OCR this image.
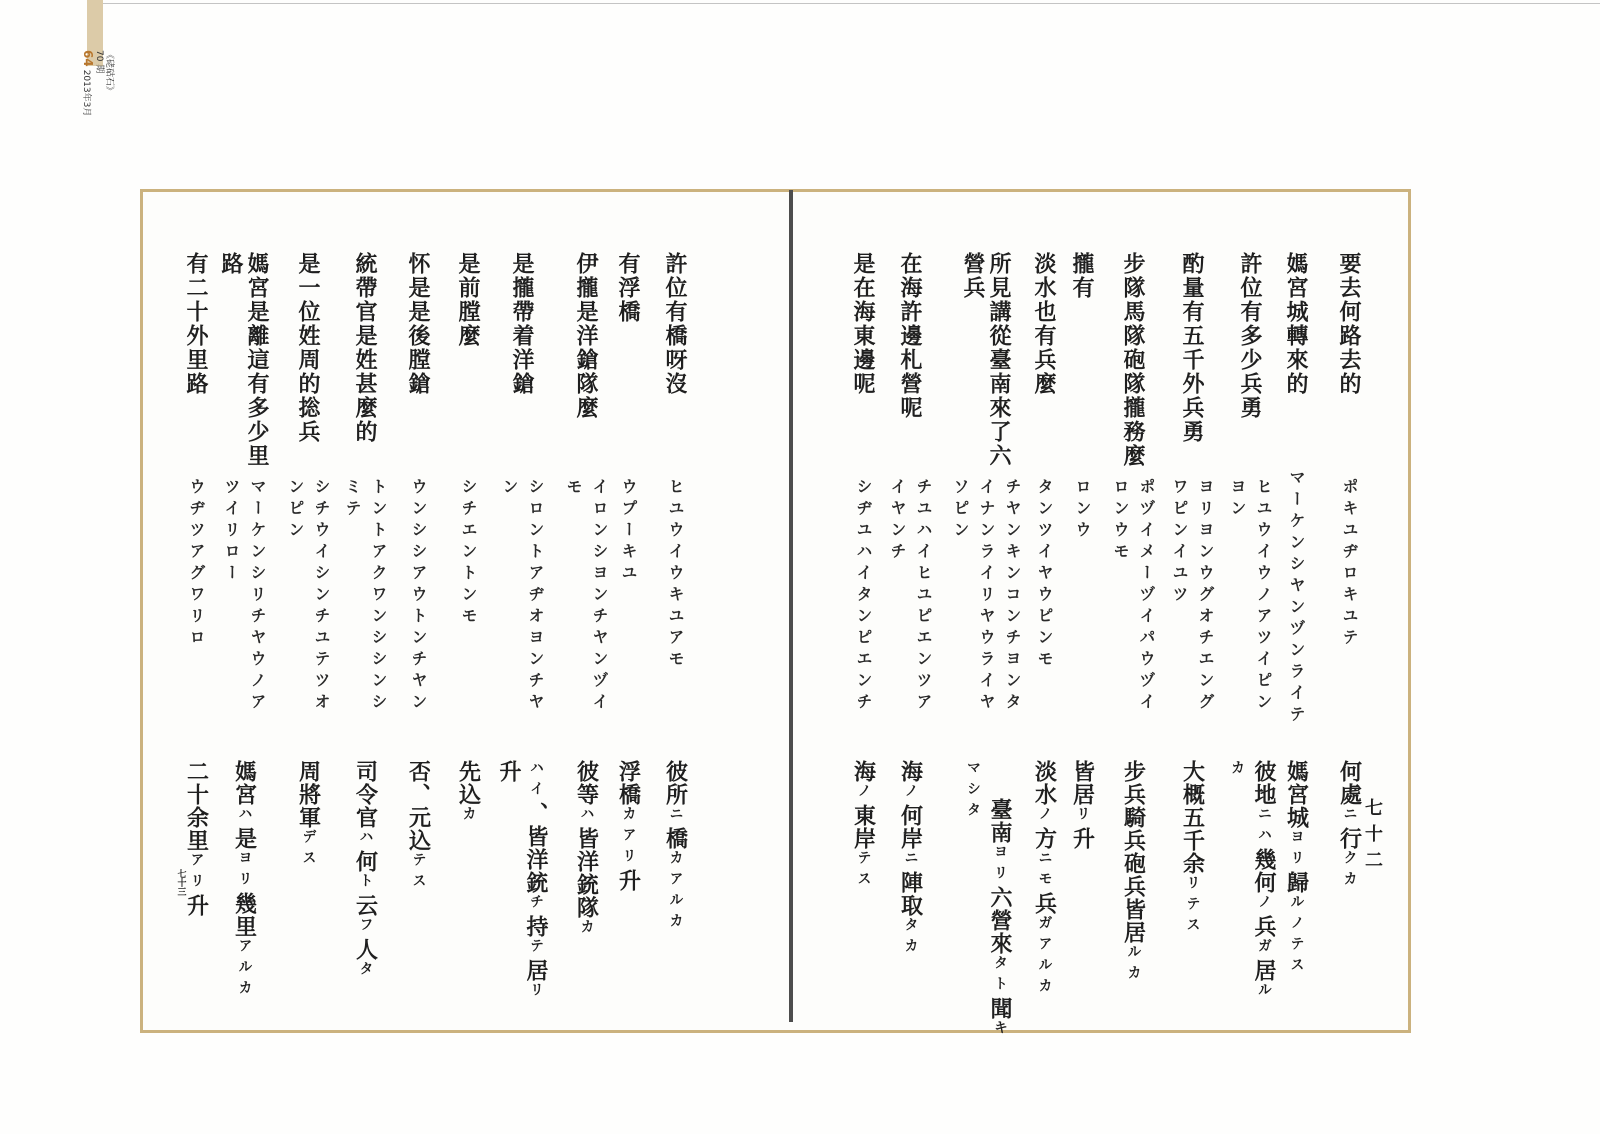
《硓𥑮石》
70 期
642013年3月
七十二
要去何路去的
ポキユヂロキユテ
何處ニ行クカ
媽宮城轉來的
マーケンシヤンヅンライテ
媽宮城ヨリ歸ルノテス
許位有多少兵勇
ヒユウイウノアツイピン
ヨン
彼地ニハ幾何ノ兵ガ居ル
カ
酌量有五千外兵勇
ヨリヨンウグオチエング
ワピンイユツ
大概五千余リテス
步隊馬隊砲隊攏務麼
ポヅイメーヅイパウヅイ
ロンウモ
步兵騎兵砲兵皆居ルカ
攏有
ロンウ
皆居リ升
淡水也有兵麼
タンツイヤウピンモ
淡水ノ方ニモ兵ガアルカ
所見講從臺南來了六
營兵
チヤンキンコンチヨンタ
イナンライリヤウライヤ
ソピン
臺南ヨリ六營來タト聞キ
マシタ
在海許邊札營呢
チユハイヒユピエンツア
イヤンチ
海ノ何岸ニ陣取タカ
是在海東邊呢
シヂユハイタンピエンチ
海ノ東岸テス
七十三
許位有橋呀沒
ヒユウイウキユアモ
彼所ニ橋カアルカ
有浮橋
ウプーキユ
浮橋カアリ升
伊攏是洋鎗隊麼
イロンシヨンチヤンヅイ
モ
彼等ハ皆洋銃隊カ
是攏帶着洋鎗
シロントアヂオヨンチヤ
ン
ハイ、皆洋銃チ持テ居リ
升
是前膛麼
シチエントンモ
先込カ
怀是是後膛鎗
ウンシシアウトンチヤン
否、元込テス
統帶官是姓甚麼的
トントアクワンシシンシ
ミテ
司令官ハ何ト云フ人タ
是一位姓周的捴兵
シチウイシンチユテツオ
ンピン
周將軍デス
媽宮是離這有多少里
路
マーケンシリチヤウノア
ツイリロー
媽宮ハ是ヨリ幾里アルカ
有二十外里路
ウヂツアグワリロ
二十余里アリ升
